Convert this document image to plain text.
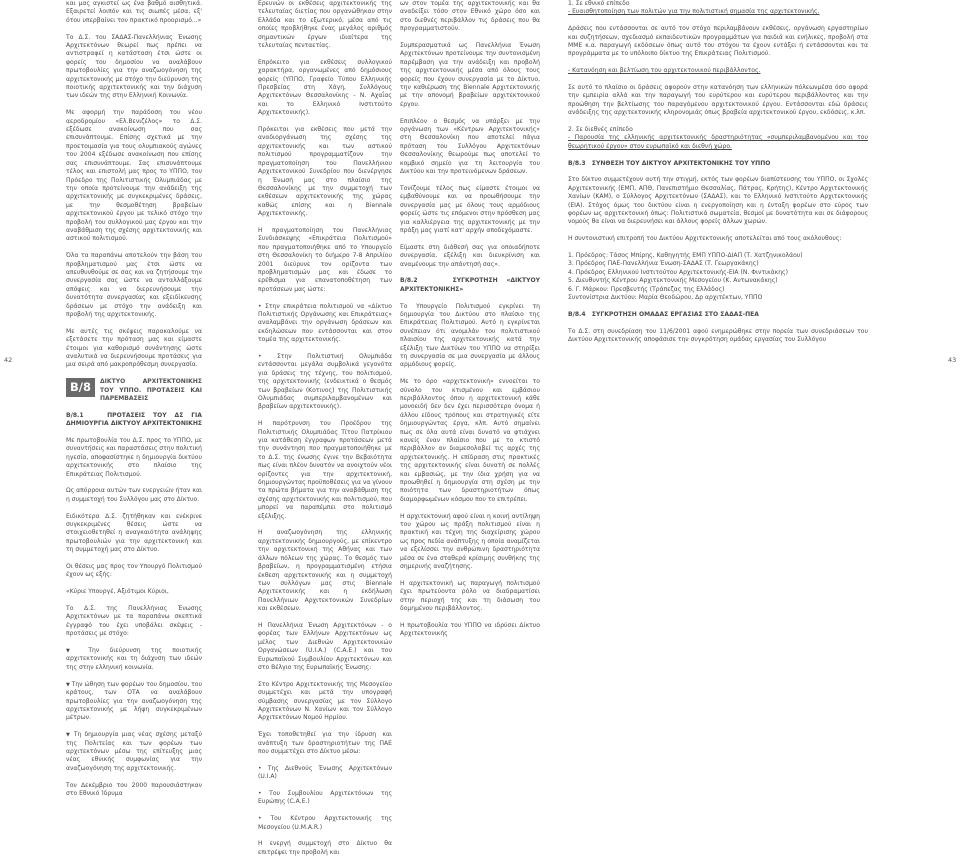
42	43

και μας αγκιστεί ως ένα βαθμό αισθητικά. Εξαιρετεί λοιπόν και τις σιωπές μέσα, εξ' ότου υπερβαίνει τον πρακτικό προορισμό...»

Το Δ.Σ. του ΣΑΔΑΣ-Πανελλήνιας Ένωσης Αρχιτεκτόνων θεωρεί πως πρέπει να αντιστραφεί η κατάσταση έτσι ώστε οι φορείς του δημοσίου να αναλάβουν πρωτοβουλίες για την αναζωογόνηση της αρχιτεκτονικής με στόχο την διεύρυνση της ποιοτικής αρχιτεκτονικής και την διάχυση των ιδεών της στην Ελληνική Κοινωνία.

Με αφορμή την παράδοση του νέου αεροδρομίου «Ελ.Βενιζέλος» το Δ.Σ. εξέδωσε ανακοίνωση που σας επισυνάπτουμε. Επίσης σχετικά με την προετοιμασία για τους ολυμπιακούς αγώνες του 2004 εξέδωσε ανακοίνωση που επίσης σας επισυνάπτουμε. Σας επισυνάπτουμε τέλος και επιστολή μας προς το ΥΠΠΟ, τον Πρόεδρο της Πολιτιστικής Ολυμπιάδας με την οποία προτείνουμε την ανάδειξη της αρχιτεκτονικής με συγκεκριμένες δράσεις, με την θεσμοθέτηση βραβείων αρχιτεκτονικού έργου με τελικό στόχο την προβολή του συλλογικού μας έργου και την αναβάθμιση της σχέσης αρχιτεκτονικής και αστικού πολιτισμού.

Όλα τα παραπάνω αποτελούν την βάση του προβληματισμού μας έτσι ώστε να απευθυνθούμε σε σας και να ζητήσουμε την συνεργασία σας ώστε να ανταλλάξουμε απόψεις και να διερευνήσουμε την δυνατότητα συνεργασίας και εξειδίκευσης δράσεων με στόχο την ανάδειξη και προβολή της αρχιτεκτονικής.

Με αυτές τις σκέψεις παρακαλούμε να εξετάσετε την πρόταση μας και είμαστε έτοιμοι για καθορισμό συνάντησης ώστε αναλυτικά να διερευνήσουμε προτάσεις για μια σειρά από μακροπρόθεσμη συνεργασία.

B/8	ΔΙΚΤΥΟ ΑΡΧΙΤΕΚΤΟΝΙΚΗΣ ΤΟΥ ΥΠΠΟ. ΠΡΟΤΑΣΕΙΣ ΚΑΙ ΠΑΡΕΜΒΑΣΕΙΣ

B/8.1	ΠΡΟΤΑΣΕΙΣ ΤΟΥ ΔΣ ΓΙΑ ΔΗΜΙΟΥΡΓΙΑ ΔΙΚΤΥΟΥ ΑΡΧΙΤΕΚΤΟΝΙΚΗΣ

Με πρωτοβουλία του Δ.Σ. προς το ΥΠΠΟ, με συναντήσεις και παραστάσεις στην πολιτική ηγεσία, αποφασίστηκε η δημιουργία δικτύου αρχιτεκτονικής στο πλαίσιο της Επικράτειας Πολιτισμού.

Ως απόρροια αυτών των ενεργειών ήταν και η συμμετοχή του Συλλόγου μας στο Δίκτυο.

Ειδικότερα Δ.Σ. ζητήθηκαν και ενέκρινε συγκεκριμένες θέσεις ώστε να στοιχειοθετηθεί η αναγκαιότητα ανάληψης πρωτοβουλιών για την αρχιτεκτονική και τη συμμετοχή μας στο Δίκτυο.

Οι θέσεις μας προς τον Υπουργό Πολιτισμού έχουν ως εξής:

«Κύριε Υπουργέ, Αξιότιμοι Κύριοι,

Το Δ.Σ. της Πανελλήνιας Ένωσης Αρχιτεκτόνων με τα παραπάνω σκεπτικά έγγραφό του έχει υποβάλει σκέψεις - προτάσεις με στόχο:

▼ Την διεύρυνση της ποιοτικής αρχιτεκτονικής και τη διάχυση των ιδεών της στην ελληνική κοινωνία.

▼ Την ώθηση των φορέων του δημοσίου, του κράτους, των ΟΤΑ να αναλάβουν πρωτοβουλίες για την αναζωογόνηση της αρχιτεκτονικής με λήψη συγκεκριμένων μέτρων.

▼ Τη δημιουργία μιας νέας σχέσης μεταξύ της Πολιτείας και των φορέων των αρχιτεκτόνων μέσω της επίτευξης μιας νέας εθνικής συμφωνίας για την αναζωογόνηση της αρχιτεκτονικής.

Τον Δεκέμβριο του 2000 παρουσιάστηκαν στο Εθνικό Ίδρυμα

Ερευνών οι εκθέσεις αρχιτεκτονικής της τελευταίας διετίας που οργανώθηκαν στην Ελλάδα και το εξωτερικό, μέσα από τις οποίες προβλήθηκε ένας μεγάλος αριθμός σημαντικών έργων ιδιαίτερα της τελευταίας πενταετίας.

Επρόκειτο για εκθέσεις συλλογικού χαρακτήρα, οργανωμένες από δημόσιους φορείς (ΥΠΠΟ, Γραφείο Τύπου Ελληνικής Πρεσβείας στη Χάγη, Συλλόγους Αρχιτεκτόνων Θεσσαλονίκης - Ν. Αχαΐας και το Ελληνικό Ινστιτούτο Αρχιτεκτονικής).

Πρόκειται για εκθέσεις που μετά την αναδιοργάνωση της σχέσης της αρχιτεκτονικής και των αστικού πολιτισμού προγραμματίζουν την πραγματοποίηση του Πανελλήνιου Αρχιτεκτονικού Συνεδρίου που διενέργησε η Ένωσή μας στο πλαίσιο της Θεσσαλονίκης με την συμμετοχή των εκθέσεων αρχιτεκτονικής της χώρας καθώς επίσης και η Biennale Αρχιτεκτονικής.

Η πραγματοποίηση του Πανελλήνιας Συνδιάσκεψης «Επικράτεια Πολιτισμού» που πραγματοποιήθηκε από το Υπουργείο στη Θεσσαλονίκη το διήμερο 7-8 Απριλίου 2001 διεύρυνε τον ορίζοντα των προβληματισμών μας και έδωσε το ερέθισμα για επανατοποθέτηση των προτάσεων μας ώστε:

• Στην επικράτεια πολιτισμού να «Δίκτυο Πολιτιστικής Οργάνωσης και Επικράτειας» αναλαμβάνει την οργάνωση δράσεων και εκδηλώσεων που εντάσσονται και στον τομέα της αρχιτεκτονικής.

• Στην Πολιτιστική Ολυμπιάδα εντάσσονται μεγάλα συμβολικά γεγονότα για δράσεις της τέχνης, του πολιτισμού, της αρχιτεκτονικής (ενδεικτικά ο θεσμός των βραβείων (Κοτινος) της Πολιτιστικής Ολυμπιάδας συμπεριλαμβανομένων και βραβείων αρχιτεκτονικής).

Η παρότρυνση του Προέδρου της Πολιτιστικής Ολυμπιάδας Τίτου Πατρίκιου για κατάθεση έγγραφων προτάσεων μετά την συνάντηση που πραγματοποιήθηκε με το Δ.Σ. της ένωσης έγινε την Βεβαιότητα πως είναι πλέον δυνατόν να ανοιχτούν νέοι ορίζοντες για την αρχιτεκτονική, δημιουργώντας προϋποθέσεις για να γίνουν τα πρώτα βήματα για την αναβάθμιση της σχέσης αρχιτεκτονικής και πολιτισμού, που μπορεί να παραπέμπει στο πολιτισμό εξέλιξης.

Η αναζωογόνηση της ελληνικής αρχιτεκτονικής δημιουργούς, με επίκεντρο την αρχιτεκτονική της Αθήνας και των άλλων πόλεων της χώρας. Το θεσμός των βραβείων, η προγραμματισμένη ετήσια έκθεση αρχιτεκτονικής και η συμμετοχή των συλλόγων μας στις Biennale Αρχιτεκτονικής και η εκδήλωση Πανελλήνιων Αρχιτεκτονικών Συνεδρίων και εκθέσεων.

Η Πανελλήνια Ένωση Αρχιτεκτόνων - ο φορέας των Ελλήνων Αρχιτεκτόνων ως μέλος των Διεθνών Αρχιτεκτονικών Οργανώσεων (U.I.A.) (C.A.E.) και του Ευρωπαϊκού Συμβουλίου Αρχιτεκτόνων και στο Βέλγιο της Ευρωπαϊκής Ένωσης:

Στο Κέντρο Αρχιτεκτονικής της Μεσογείου συμμετέχει και μετά την υπογραφή σύμβασης συνεργασίας με τον Σύλλογο Αρχιτεκτόνων Ν. Χανίων και τον Σύλλογο Αρχιτεκτόνων Νομού Ηρμίου.

Έχει τοποθετηθεί για την ίδρυση και ανάπτυξη των δραστηριοτήτων της ΠΑΕ που συμμετέχει στο Δίκτυο μέσω:

• Της Διεθνούς Ένωσης Αρχιτεκτόνων (U.I.A)

• Του Συμβουλίου Αρχιτεκτόνων της Ευρώπης (C.A.E.)

• Του Κέντρου Αρχιτεκτονικής της Μεσογείου (U.M.A.R.)

Η ενεργή συμμετοχή στο Δίκτυο θα επιτρέψει την προβολή και

ων στον τομέα της αρχιτεκτονικής και θα αναδείξει τόσο στον Εθνικό χώρο όσο και στο διεθνές περιβάλλον τις δράσεις που θα προγραμματιστούν.

Συμπερασματικά ως Πανελλήνια Ένωση Αρχιτεκτόνων προτείνουμε την συντονισμένη παρέμβαση για την ανάδειξη και προβολή της αρχιτεκτονικής μέσα από όλους τους φορείς που έχουν συνεργασία με το Δίκτυο, την καθιέρωση της Biennale Αρχιτεκτονικής με την απονομή βραβείων αρχιτεκτονικού έργου.

Επιπλέον ο θεσμός να υπάρξει με την οργάνωση των «Κέντρων Αρχιτεκτονικής» στη Θεσσαλονίκη που αποτελεί πάγια πρόταση του Συλλόγου Αρχιτεκτόνων Θεσσαλονίκης θεωρούμε πως αποτελεί το κομβικό σημείο για τη λειτουργία του Δικτύου και την προτεινόμενων δράσεων.

Τονίζουμε τέλος πως είμαστε έτοιμοι να εμβαθύνουμε και να προωθήσουμε την συνεργασία μας με όλους τους αρμόδιους φορείς ώστε τις επόμενοι στην πρόσθεση μας για καλλιέργεια της αρχιτεκτονικής με την πράξη μας γιατί κατ' αρχήν αποδεχόμαστε.

Είμαστε στη διάθεσή σας για οποιαδήποτε συνεργασία, εξέλιξη και διευκρίνιση και αναμένουμε την απάντησή σας».

B/8.2	ΣΥΓΚΡΟΤΗΣΗ «ΔΙΚΤΥΟΥ ΑΡΧΙΤΕΚΤΟΝΙΚΗΣ»

Το Υπουργείο Πολιτισμού εγκρίνει τη δημιουργία του Δικτύου στο πλαίσιο της Επικράτειας Πολιτισμού. Αυτό η εγκρίνεται συνέπειαν ότι ανομιλάν του πολιτιστικού πλαισίου της αρχιτεκτονικής κατά την εξέλιξη των Δικτύων του ΥΠΠΟ να στηρίξει τη συνεργασία σε μια συνεργασία με άλλους αρμόδιους φορείς.

Με το όρο «αρχιτεκτονική» εννοείται το σύνολο του κτισμένου και εμβάσιου περιβάλλοντος όπου η αρχιτεκτονική κάθε μονοειδή δεν δεν έχει περισσότερο όνομα ή άλλου είδους τρόπους και στρατηγικές είτε δημιουργώντας έργα, κλπ. Αυτό σημαίνει πως σε όλα αυτά είναι δυνατό να φτιάχνει κανείς έναν πλαίσιο που με το κτιστό περιβάλλον αν διαμεσολαβεί τις αρχές της αρχιτεκτονικής. Η επίδραση στις πρακτικές της αρχιτεκτονικής είναι δυνατή σε πολλές και εμβασιώς, με την ίδια χρήση για να προωθηθεί η δημιουργία στη σχέση με την ποιότητα των δραστηριοτήτων όπως διαμορφωμένων κόσμου που το επιτρέπει.

Η αρχιτεκτονική αφού είναι η κοινή αντίληψη του χώρου ως πράξη πολιτισμού είναι η πρακτική και τέχνη της διαχείρισης χώρου ως προς πεδία ανάπτυξης η οποία αναμίζεται να εξελίσσει την ανθρώπινη δραστηριότητα μέσα σε ένα σταθερά κρίσιμης συνθήκης της σημερινής αναζήτησης.

Η αρχιτεκτονική ως παραγωγή πολιτισμού έχει πρωτεύοντα ρόλο να διαδραματίσει στην περιοχή της και τη διάσωση του δομημένου περιβάλλοντος.

Η πρωτοβουλία του ΥΠΠΟ να ιδρύσει Δίκτυο Αρχιτεκτονικής

1. Σε εθνικό επίπεδο

- Ευαισθητοποίηση των πολιτών για την πολιτιστική σημασία της αρχιτεκτονικής.

Δράσεις που εντάσσονται σε αυτό τον στόχο περιλαμβάνουν εκθέσεις, οργάνωση εργαστηρίων και συζητήσεων, σχεδιασμό εκπαιδευτικών προγραμμάτων για παιδιά και ενήλικες, προβολή στα ΜΜΕ κ.α. παραγωγή εκδόσεων όπως αυτό του στόχου τα έχουν εντάξει ή εντάσσονται και τα προγράμματα με το υπόλοιπο δίκτυο της Επικράτειας Πολιτισμού.

- Κατανόηση και βελτίωση του αρχιτεκτονικού περιβάλλοντος.

Σε αυτό το πλαίσιο οι δράσεις αφορούν στην κατανόηση των ελληνικών πόλεωνμέσα όσο αφορά την εμπειρία αλλά και την παραγωγή του ευρύτερου και ευρύτερου περιβάλλοντος και την προώθηση την βελτίωσης του παραγόμενου αρχιτεκτονικού έργου. Εντάσσονται εδώ δράσεις ανάδειξης της αρχιτεκτονικής κληρονομιάς όπως βραβεία αρχιτεκτονικού έργου, εκδόσεις, κ.λπ.

2. Σε διεθνές επίπεδο

- Παρουσία της ελληνικής αρχιτεκτονικής δραστηριότητας «συμπεριλαμβανομένου και του θεωρητικού έργου» στον ευρωπαϊκό και διεθνή χώρο.

B/8.3 ΣΥΝΘΕΣΗ ΤΟΥ ΔΙΚΤΥΟΥ ΑΡΧΙΤΕΚΤΟΝΙΚΗΣ ΤΟΥ ΥΠΠΟ

Στο δίκτυο συμμετέχουν αυτή την στιγμή, εκτός των φορέων διαπίστευσης του ΥΠΠΟ, οι Σχολές Αρχιτεκτονικής (ΕΜΠ, ΑΠΘ, Πανεπιστήμιο Θεσσαλίας, Πάτρας, Κρήτης), Κέντρο Αρχιτεκτονικής Χανίων (ΚΑΜ), ο Σύλλογος Αρχιτεκτόνων (ΣΑΔΑΣ), και το Ελληνικό Ινστιτούτο Αρχιτεκτονικής (ΕΙΑ). Στόχος όμως του δικτύου είναι η ενεργοποίηση και η ένταξη φορέων στο εύρος των φορέων ως αρχιτεκτονική όπως: Πολιτιστικά σωματεία, θεσμοί με δυνατότητα και σε διάφορους νομούς θα είναι να διερευνήσει και άλλους φορείς άλλων χωρών.

Η συντονιστική επιτροπή του Δικτύου Αρχιτεκτονικής αποτελείται από τους ακόλουθους:

1. Πρόεδρος: Τάσος Μπίρης, Καθηγητής ΕΜΠ ΥΠΠΟ-ΔΙΑΠ (Τ. Χατζηνικολάου)

3. Πρόεδρος ΠΑΕ-Πανελλήνια Ένωση-ΣΑΔΑΣ (Τ. Γεωργακάκης)

4. Πρόεδρος Ελληνικού Ινστιτούτου Αρχιτεκτονικής-ΕΙΑ (Ν. Φιντικάκης)

5. Διευθυντής Κέντρου Αρχιτεκτονικής Μεσογείου (Κ. Αντωνακάκης)

6. Γ. Μάρκου: Πρεσβευτής (Τράπεζας της Ελλάδος)

Συντονίστρια Δικτύου: Μαρία Θεοδώρου, Δρ αρχιτέκτων, ΥΠΠΟ

B/8.4 ΣΥΓΚΡΟΤΗΣΗ ΟΜΑΔΑΣ ΕΡΓΑΣΙΑΣ ΣΤΟ ΣΑΔΑΣ-ΠΕΑ

Το Δ.Σ. στη συνεδρίαση του 11/6/2001 αφού ενημερώθηκε στην πορεία των συνεδριάσεων του Δικτύου Αρχιτεκτονικής αποφάσισε την συγκρότηση ομάδας εργασίας του Συλλόγου
